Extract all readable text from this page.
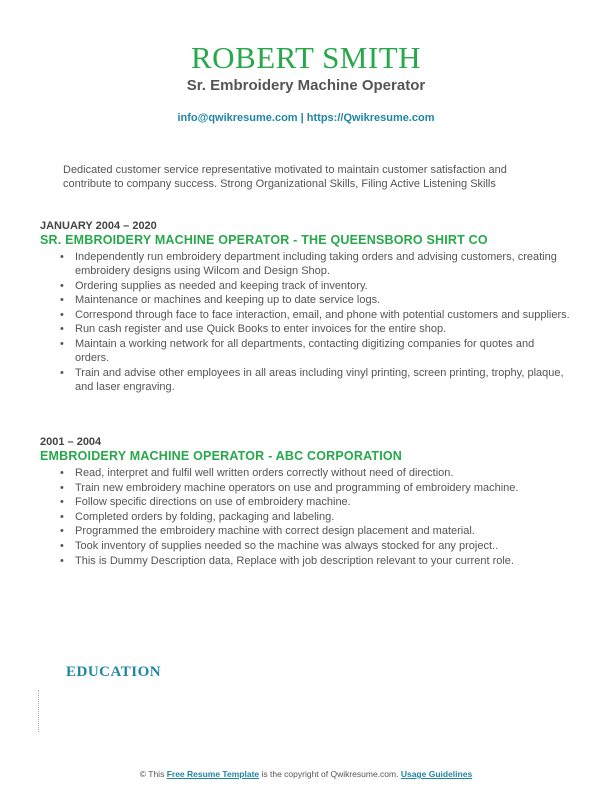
ROBERT SMITH
Sr. Embroidery Machine Operator
info@qwikresume.com | https://Qwikresume.com
Dedicated customer service representative motivated to maintain customer satisfaction and contribute to company success. Strong Organizational Skills, Filing Active Listening Skills
JANUARY 2004 – 2020
SR. EMBROIDERY MACHINE OPERATOR - THE QUEENSBORO SHIRT CO
• Independently run embroidery department including taking orders and advising customers, creating embroidery designs using Wilcom and Design Shop.
• Ordering supplies as needed and keeping track of inventory.
• Maintenance or machines and keeping up to date service logs.
• Correspond through face to face interaction, email, and phone with potential customers and suppliers.
• Run cash register and use Quick Books to enter invoices for the entire shop.
• Maintain a working network for all departments, contacting digitizing companies for quotes and orders.
• Train and advise other employees in all areas including vinyl printing, screen printing, trophy, plaque, and laser engraving.
2001 – 2004
EMBROIDERY MACHINE OPERATOR - ABC CORPORATION
• Read, interpret and fulfil well written orders correctly without need of direction.
• Train new embroidery machine operators on use and programming of embroidery machine.
• Follow specific directions on use of embroidery machine.
• Completed orders by folding, packaging and labeling.
• Programmed the embroidery machine with correct design placement and material.
• Took inventory of supplies needed so the machine was always stocked for any project..
• This is Dummy Description data, Replace with job description relevant to your current role.
EDUCATION
© This Free Resume Template is the copyright of Qwikresume.com. Usage Guidelines
